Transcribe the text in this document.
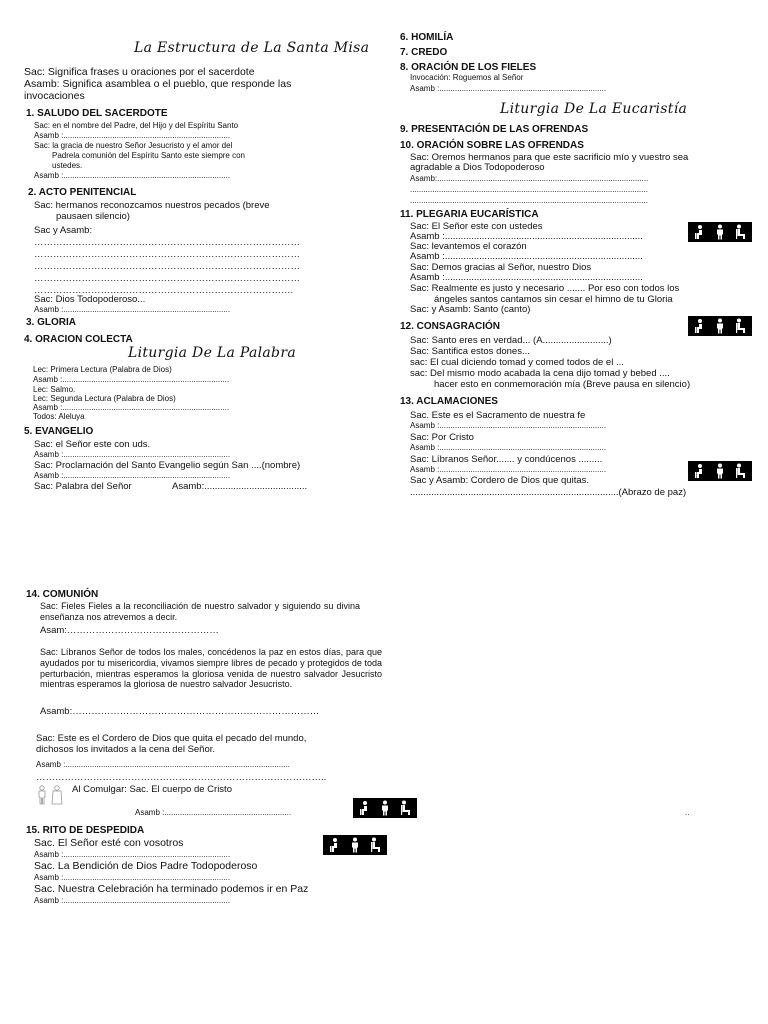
La Estructura de La Santa Misa
Sac: Significa frases u oraciones por el sacerdote
Asamb: Significa asamblea o el pueblo, que responde las
invocaciones
1. SALUDO DEL SACERDOTE
Sac: en el nombre del Padre, del Hijo y del Espíritu Santo
Asamb :...........................................................................
Sac: la gracia de nuestro Señor Jesucristo y el amor del
Padrela comunión del Espíritu Santo este siempre con
ustedes.
Asamb :...........................................................................
2. ACTO PENITENCIAL
Sac: hermanos reconozcamos nuestros pecados (breve
pausaen silencio)
Sac y Asamb:
…………………………………………………………………………
…………………………………………………………………………
…………………………………………………………………………
…………………………………………………………………………
……………………………………………………………………….
Sac: Dios Todopoderoso...
Asamb :...........................................................................
3. GLORIA
4. ORACION COLECTA
Liturgia De La Palabra
Lec: Primera Lectura (Palabra de Dios)
Asamb :...........................................................................
Lec: Salmo.
Lec: Segunda Lectura (Palabra de Dios)
Asamb :...........................................................................
Todos: Aleluya
5. EVANGELIO
Sac: el Señor este con uds.
Asamb :...........................................................................
Sac: Proclamación del Santo Evangelio según San ....(nombre)
Asamb :...........................................................................
Sac: Palabra del Señor	Asamb:.......................................
6. HOMILÍA
7. CREDO
8. ORACIÓN DE LOS FIELES
Invocación: Roguemos al Señor
Asamb :...........................................................................
Liturgia De La Eucaristía
9. PRESENTACIÓN DE LAS OFRENDAS
10. ORACIÓN SOBRE LAS OFRENDAS
Sac: Oremos hermanos para que este sacrificio mío y vuestro sea
agradable a Dios Todopoderoso
Asamb:...............................................................................................
...........................................................................................................
...........................................................................................................
11. PLEGARIA EUCARÍSTICA
Sac: El Señor este con ustedes
Asamb :...........................................................................
Sac: levantemos el corazón
Asamb :...........................................................................
Sac: Demos gracias al Señor, nuestro Dios
Asamb :...........................................................................
Sac: Realmente es justo y necesario ....... Por eso con todos los
ángeles santos cantamos sin cesar el himno de tu Gloria
Sac: y Asamb: Santo (canto)
12. CONSAGRACIÓN
Sac: Santo eres en verdad... (A.........................)
Sac: Santifica estos dones...
sac: El cual diciendo tomad y comed todos de el ...
sac: Del mismo modo acabada la cena dijo tomad y bebed ....
hacer esto en conmemoración mía (Breve pausa en silencio)
13. ACLAMACIONES
Sac. Este es el Sacramento de nuestra fe
Asamb :...........................................................................
Sac: Por Cristo
Asamb :...........................................................................
Sac: Líbranos Señor....... y condúcenos .........
Asamb :...........................................................................
Sac y Asamb: Cordero de Dios que quitas.
...............................................................................(Abrazo de paz)
14. COMUNIÓN
Sac: Fieles Fieles a la reconciliación de nuestro salvador y siguiendo su divina enseñanza nos atrevemos a decir.
Asam:…………………………………………
Sac: Líbranos Señor de todos los males, concédenos la paz en estos días, para que ayudados por tu misericordia, vivamos siempre libres de pecado y protegidos de toda perturbación, mientras esperamos la gloriosa venida de nuestro salvador Jesucristo mientras esperamos la gloriosa de nuestro salvador Jesucristo.
Asamb:……………………………………………………………………
Sac: Este es el Cordero de Dios que quita el pecado del mundo,
dichosos los invitados a la cena del Señor.
Asamb :.....................................................................................................
………………………………………………………………………………..
Al Comulgar: Sac. El cuerpo de Cristo
Asamb :.........................................................	..
15. RITO DE DESPEDIDA
Sac. El Señor esté con vosotros
Asamb :...........................................................................
Sac. La Bendición de Dios Padre Todopoderoso
Asamb :...........................................................................
Sac. Nuestra Celebración ha terminado podemos ir en Paz
Asamb :...........................................................................
